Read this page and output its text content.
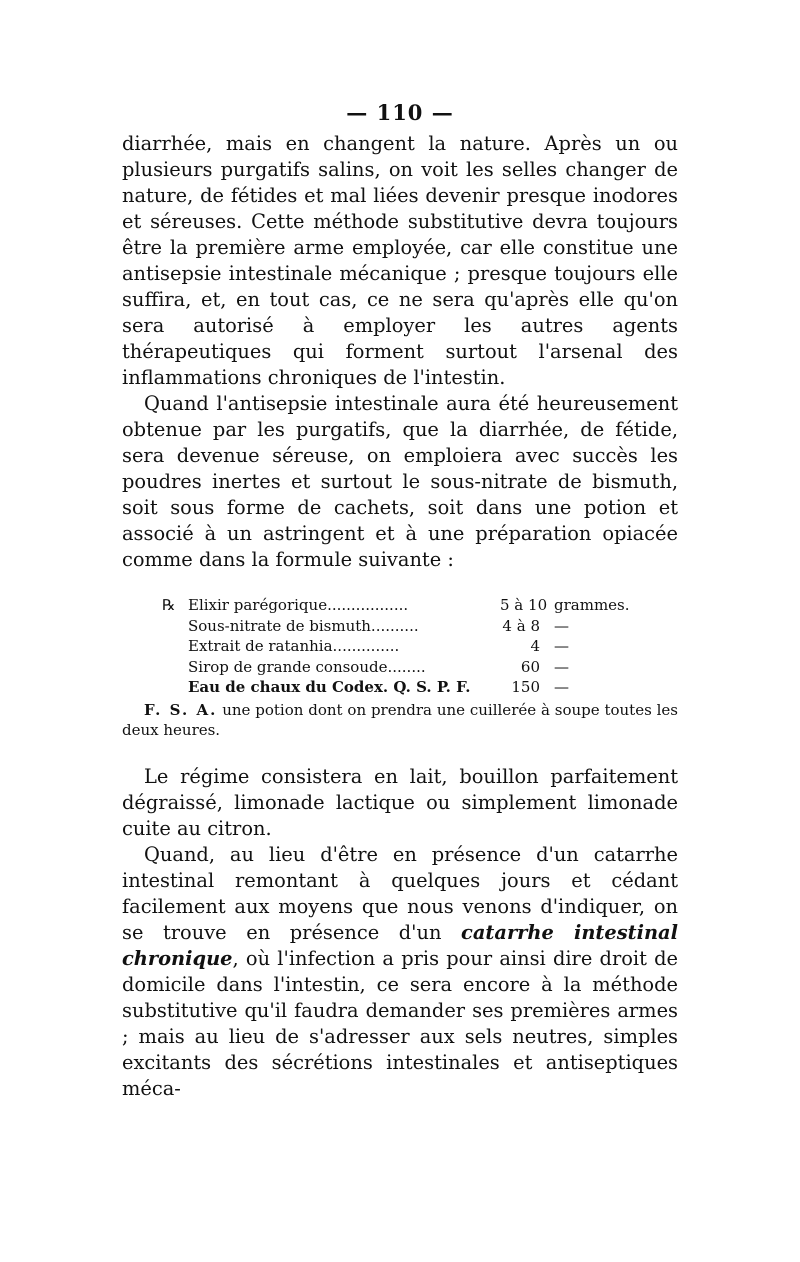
— 110 —

diarrhée, mais en changent la nature. Après un ou plusieurs purgatifs salins, on voit les selles changer de nature, de fétides et mal liées devenir presque inodores et séreuses. Cette méthode substitutive devra toujours être la première arme employée, car elle constitue une antisepsie intestinale mécanique ; presque toujours elle suffira, et, en tout cas, ce ne sera qu'après elle qu'on sera autorisé à employer les autres agents thérapeutiques qui forment surtout l'arsenal des inflammations chroniques de l'intestin.

Quand l'antisepsie intestinale aura été heureusement obtenue par les purgatifs, que la diarrhée, de fétide, sera devenue séreuse, on emploiera avec succès les poudres inertes et surtout le sous-nitrate de bismuth, soit sous forme de cachets, soit dans une potion et associé à un astringent et à une préparation opiacée comme dans la formule suivante :

℞ Elixir parégorique.................	5 à 10 grammes.
Sous-nitrate de bismuth..........	4 à 8 —
Extrait de ratanhia..............	4 —
Sirop de grande consoude........	60 —
Eau de chaux du Codex. Q. S. P. F.	150 —

F. S. A. une potion dont on prendra une cuillerée à soupe toutes les deux heures.

Le régime consistera en lait, bouillon parfaitement dégraissé, limonade lactique ou simplement limonade cuite au citron.

Quand, au lieu d'être en présence d'un catarrhe intestinal remontant à quelques jours et cédant facilement aux moyens que nous venons d'indiquer, on se trouve en présence d'un catarrhe intestinal chronique, où l'infection a pris pour ainsi dire droit de domicile dans l'intestin, ce sera encore à la méthode substitutive qu'il faudra demander ses premières armes ; mais au lieu de s'adresser aux sels neutres, simples excitants des sécrétions intestinales et antiseptiques méca-
